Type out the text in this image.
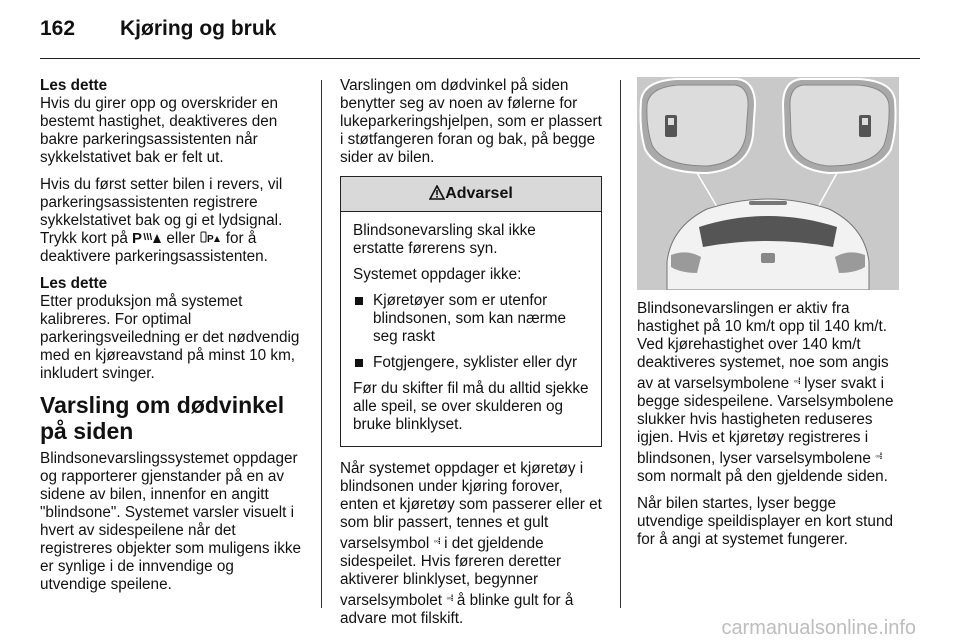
162 Kjøring og bruk

Les dette
Hvis du girer opp og overskrider en bestemt hastighet, deaktiveres den bakre parkeringsassistenten når sykkelstativet bak er felt ut.

Hvis du først setter bilen i revers, vil parkeringsassistenten registrere sykkelstativet bak og gi et lydsignal. Trykk kort på P eller P for å deaktivere parkeringsassistenten.

Les dette
Etter produksjon må systemet kalibreres. For optimal parkeringsveiledning er det nødvendig med en kjøreavstand på minst 10 km, inkludert svinger.

Varsling om dødvinkel på siden

Blindsonevarslingssystemet oppdager og rapporterer gjenstander på en av sidene av bilen, innenfor en angitt "blindsone". Systemet varsler visuelt i hvert av sidespeilene når det registreres objekter som muligens ikke er synlige i de innvendige og utvendige speilene.

Varslingen om dødvinkel på siden benytter seg av noen av følerne for lukeparkeringshjelpen, som er plassert i støtfangeren foran og bak, på begge sider av bilen.

Advarsel

Blindsonevarsling skal ikke erstatte førerens syn.

Systemet oppdager ikke:

Kjøretøyer som er utenfor blindsonen, som kan nærme seg raskt
Fotgjengere, syklister eller dyr

Før du skifter fil må du alltid sjekke alle speil, se over skulderen og bruke blinklyset.

Når systemet oppdager et kjøretøy i blindsonen under kjøring forover, enten et kjøretøy som passerer eller et som blir passert, tennes et gult varselsymbol ◦◦⁞ i det gjeldende sidespeilet. Hvis føreren deretter aktiverer blinklyset, begynner varselsymbolet ◦◦⁞ å blinke gult for å advare mot filskift.

Blindsonevarslingen er aktiv fra hastighet på 10 km/t opp til 140 km/t. Ved kjørehastighet over 140 km/t deaktiveres systemet, noe som angis av at varselsymbolene ◦◦⁞ lyser svakt i begge sidespeilene. Varselsymbolene slukker hvis hastigheten reduseres igjen. Hvis et kjøretøy registreres i blindsonen, lyser varselsymbolene ◦◦⁞ som normalt på den gjeldende siden.

Når bilen startes, lyser begge utvendige speildisplayer en kort stund for å angi at systemet fungerer.

carmanualsonline.info
